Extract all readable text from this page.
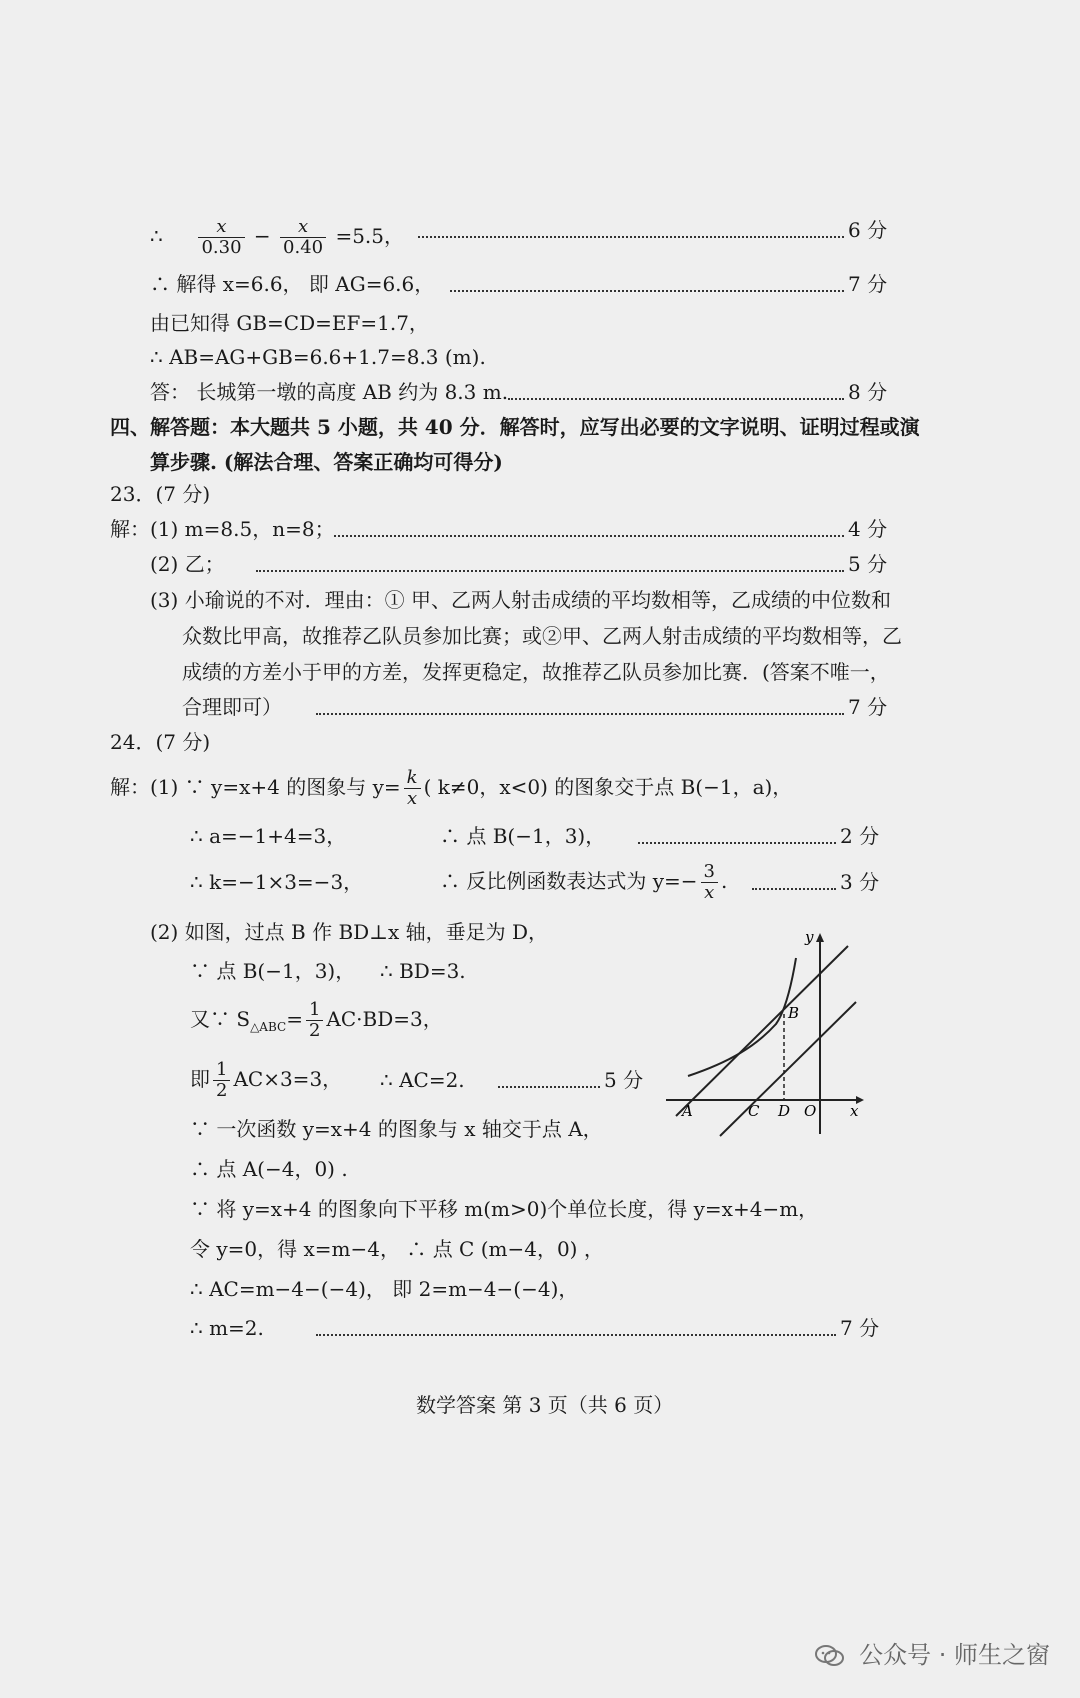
∴ $\frac{x}{0.30} - \frac{x}{0.40} =5.5$，	6 分
∴ 解得 x=6.6， 即 AG=6.6，	7 分
由已知得 GB=CD=EF=1.7，
∴ AB=AG+GB=6.6+1.7=8.3 (m).
答： 长城第一墩的高度 AB 约为 8.3 m.	8 分
四、解答题：本大题共 5 小题，共 40 分．解答时，应写出必要的文字说明、证明过程或演
算步骤. (解法合理、答案正确均可得分)
23．(7 分)
解：(1) m=8.5，n=8；	4 分
(2) 乙；	5 分
(3) 小瑜说的不对．理由：① 甲、乙两人射击成绩的平均数相等，乙成绩的中位数和
众数比甲高，故推荐乙队员参加比赛；或②甲、乙两人射击成绩的平均数相等，乙
成绩的方差小于甲的方差，发挥更稳定，故推荐乙队员参加比赛．(答案不唯一，
合理即可）	7 分
24．(7 分)
解：(1) ∵ y=x+4 的图象与 $y= \frac{k}{x}$ ( k≠0，x<0) 的图象交于点 B(−1，a)，
∴ a=−1+4=3，	∴ 点 B(−1，3)，	2 分
∴ k=−1×3=−3，	∴ 反比例函数表达式为 $y=- \frac{3}{x}$ .	3 分
(2) 如图，过点 B 作 BD⊥x 轴，垂足为 D，
∵ 点 B(−1，3)， ∴ BD=3.
又∵ $S_{\triangle ABC}= \frac{1}{2} AC\cdot BD=3$，
即 $\frac{1}{2} AC\times 3=3$， ∴ AC=2.	5 分
∵ 一次函数 y=x+4 的图象与 x 轴交于点 A，
∴ 点 A(−4，0) .
∵ 将 y=x+4 的图象向下平移 m(m>0)个单位长度，得 y=x+4−m，
令 y=0，得 x=m−4， ∴ 点 C (m−4，0) ，
∴ AC=m−4−(−4)， 即 2=m−4−(−4)，
∴ m=2.	7 分
y
x
A	C D O
B
数学答案 第 3 页（共 6 页）
公众号 · 师生之窗
